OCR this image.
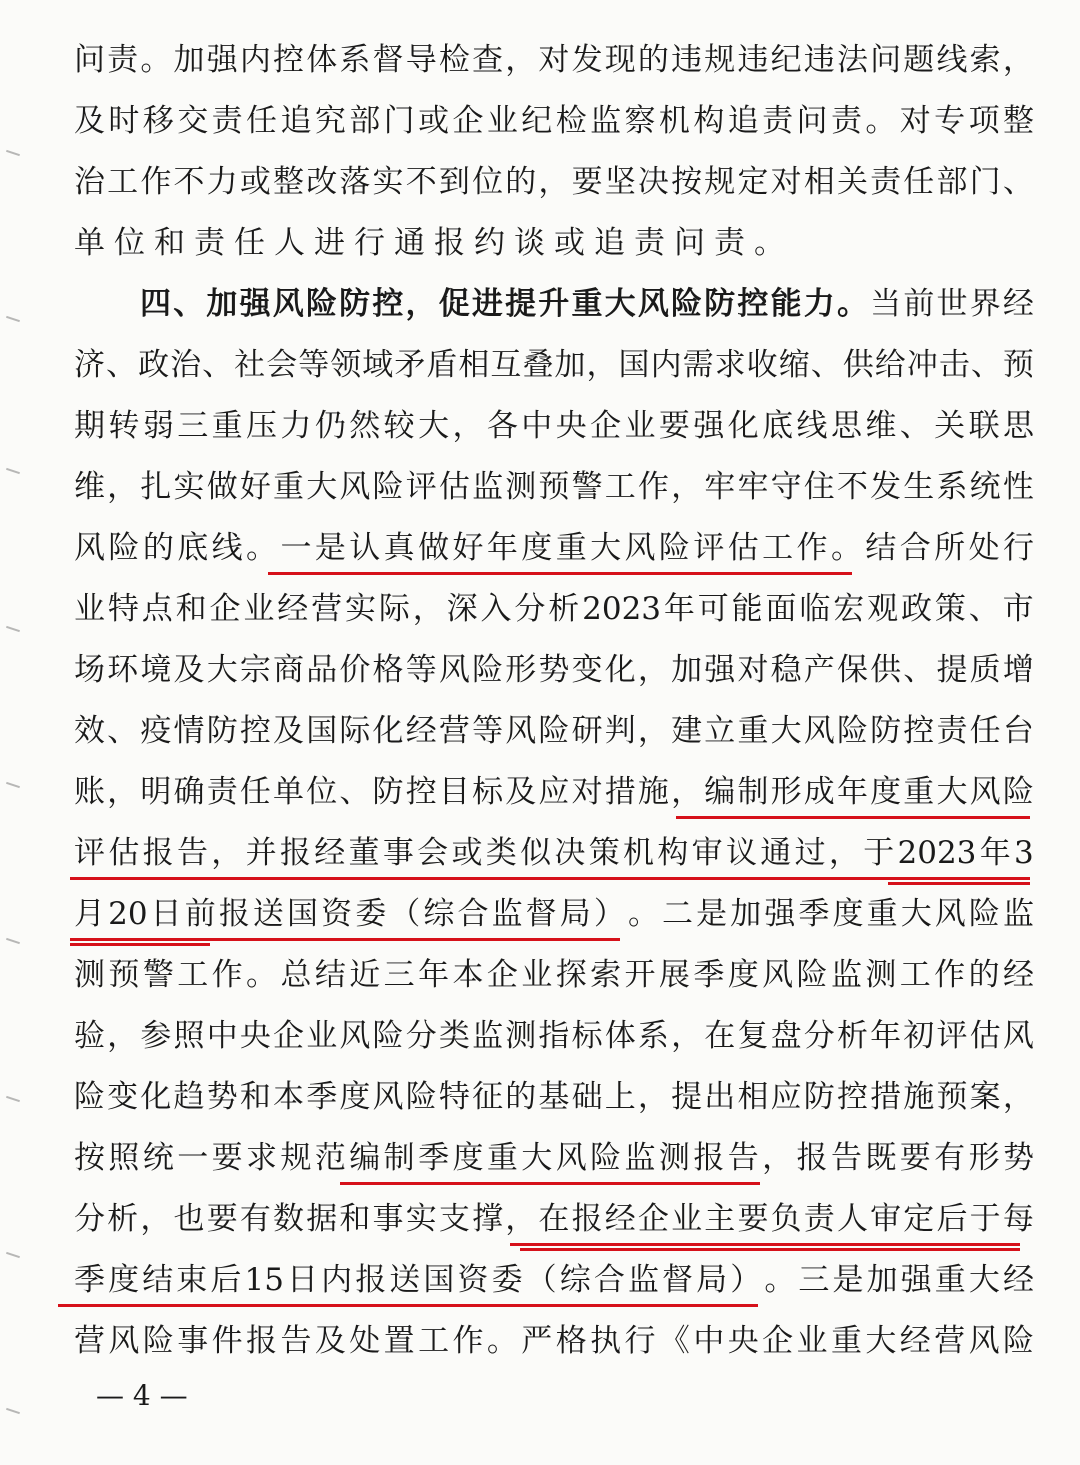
问 责 。 加 强 内 控 体 系 督 导 检 查 ， 对 发 现 的 违 规 违 纪 违 法 问 题 线 索 ，
及 时 移 交 责 任 追 究 部 门 或 企 业 纪 检 监 察 机 构 追 责 问 责 。 对 专 项 整
治 工 作 不 力 或 整 改 落 实 不 到 位 的 ， 要 坚 决 按 规 定 对 相 关 责 任 部 门 、
单位和责任人进行通报约谈或追责问责。
四 、 加 强 风 险 防 控 ， 促 进 提 升 重 大 风 险 防 控 能 力 。 当 前 世 界 经
济 、 政 治 、 社 会 等 领 域 矛 盾 相 互 叠 加 ， 国 内 需 求 收 缩 、 供 给 冲 击 、 预
期 转 弱 三 重 压 力 仍 然 较 大 ， 各 中 央 企 业 要 强 化 底 线 思 维 、 关 联 思
维 ， 扎 实 做 好 重 大 风 险 评 估 监 测 预 警 工 作 ， 牢 牢 守 住 不 发 生 系 统 性
风 险 的 底 线 。 一 是 认 真 做 好 年 度 重 大 风 险 评 估 工 作 。 结 合 所 处 行
业 特 点 和 企 业 经 营 实 际 ， 深 入 分 析 2023 年 可 能 面 临 宏 观 政 策 、 市
场 环 境 及 大 宗 商 品 价 格 等 风 险 形 势 变 化 ， 加 强 对 稳 产 保 供 、 提 质 增
效 、 疫 情 防 控 及 国 际 化 经 营 等 风 险 研 判 ， 建 立 重 大 风 险 防 控 责 任 台
账 ， 明 确 责 任 单 位 、 防 控 目 标 及 应 对 措 施 ， 编 制 形 成 年 度 重 大 风 险
评 估 报 告 ， 并 报 经 董 事 会 或 类 似 决 策 机 构 审 议 通 过 ， 于 2023 年 3
月 20 日 前 报 送 国 资 委 （ 综 合 监 督 局 ） 。 二 是 加 强 季 度 重 大 风 险 监
测 预 警 工 作 。 总 结 近 三 年 本 企 业 探 索 开 展 季 度 风 险 监 测 工 作 的 经
验 ， 参 照 中 央 企 业 风 险 分 类 监 测 指 标 体 系 ， 在 复 盘 分 析 年 初 评 估 风
险 变 化 趋 势 和 本 季 度 风 险 特 征 的 基 础 上 ， 提 出 相 应 防 控 措 施 预 案 ，
按 照 统 一 要 求 规 范 编 制 季 度 重 大 风 险 监 测 报 告 ， 报 告 既 要 有 形 势
分 析 ， 也 要 有 数 据 和 事 实 支 撑 ， 在 报 经 企 业 主 要 负 责 人 审 定 后 于 每
季 度 结 束 后 15 日 内 报 送 国 资 委 （ 综 合 监 督 局 ） 。 三 是 加 强 重 大 经
营 风 险 事 件 报 告 及 处 置 工 作 。 严 格 执 行 《 中 央 企 业 重 大 经 营 风 险
— 4 —
